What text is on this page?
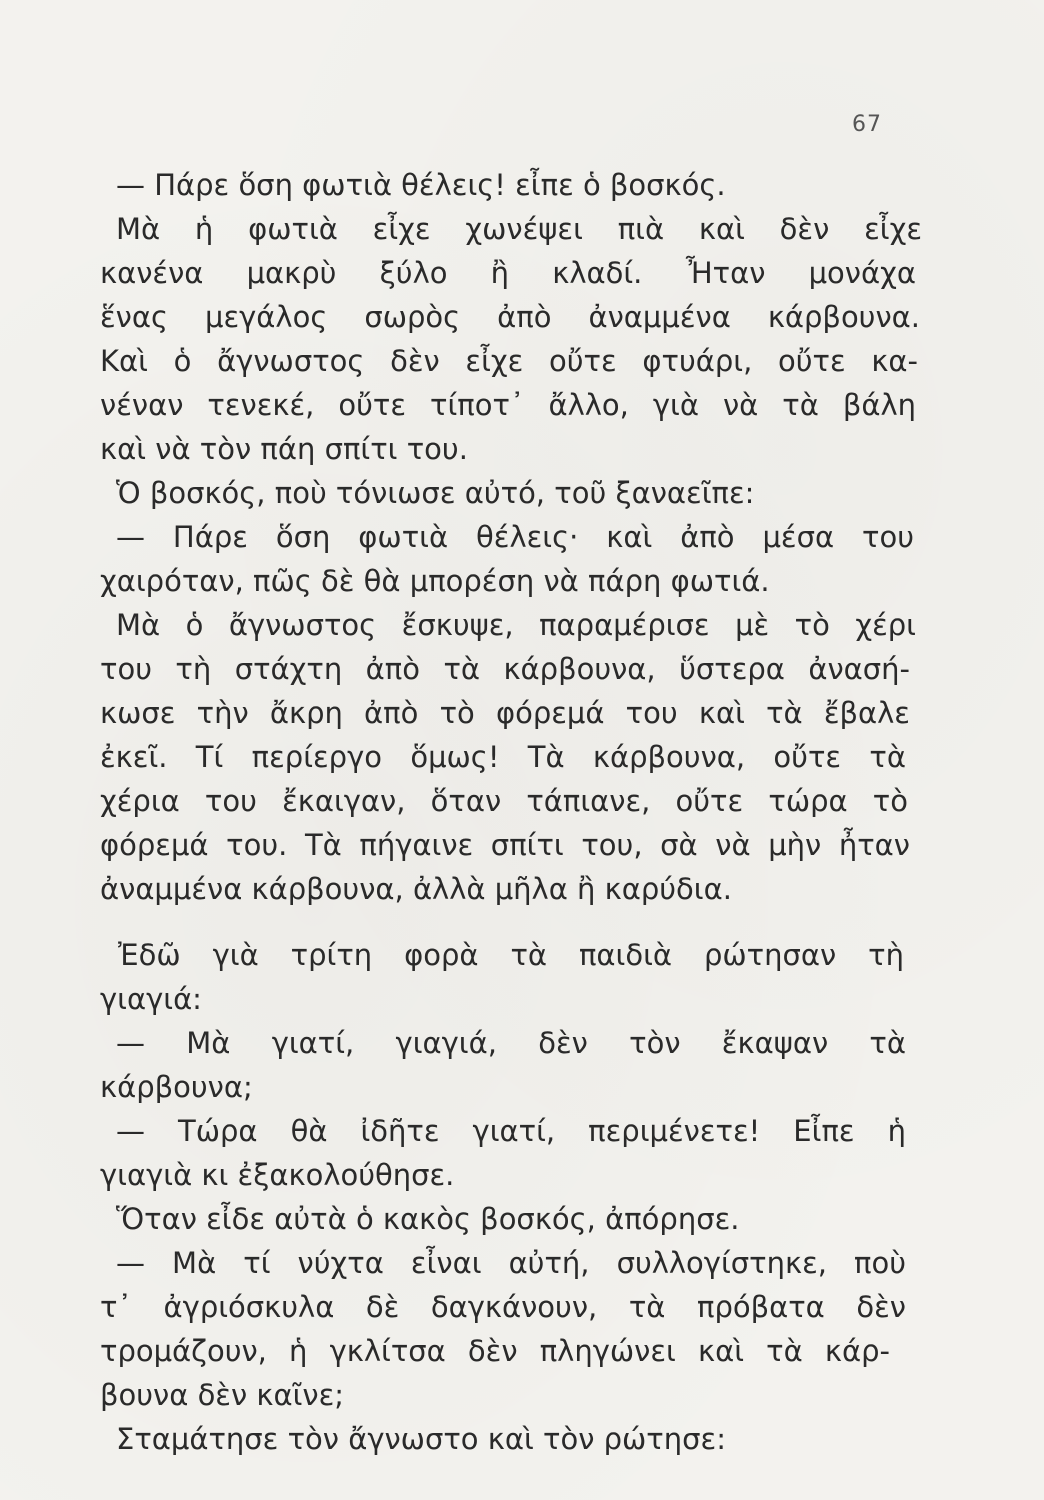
67
— Πάρε ὅση φωτιὰ θέλεις! εἶπε ὁ βοσκός.
Μὰ ἡ φωτιὰ εἶχε χωνέψει πιὰ καὶ δὲν εἶχε
κανένα μακρὺ ξύλο ἢ κλαδί. Ἦταν μονάχα
ἕνας μεγάλος σωρὸς ἀπὸ ἀναμμένα κάρβουνα.
Καὶ ὁ ἄγνωστος δὲν εἶχε οὔτε φτυάρι, οὔτε κα-
νέναν τενεκέ, οὔτε τίποτ᾽ ἄλλο, γιὰ νὰ τὰ βάλη
καὶ νὰ τὸν πάη σπίτι του.
Ὁ βοσκός, ποὺ τόνιωσε αὐτό, τοῦ ξαναεῖπε:
— Πάρε ὅση φωτιὰ θέλεις· καὶ ἀπὸ μέσα του
χαιρόταν, πῶς δὲ θὰ μπορέση νὰ πάρη φωτιά.
Μὰ ὁ ἄγνωστος ἔσκυψε, παραμέρισε μὲ τὸ χέρι
του τὴ στάχτη ἀπὸ τὰ κάρβουνα, ὕστερα ἀνασή-
κωσε τὴν ἄκρη ἀπὸ τὸ φόρεμά του καὶ τὰ ἔβαλε
ἐκεῖ. Τί περίεργο ὅμως! Τὰ κάρβουνα, οὔτε τὰ
χέρια του ἔκαιγαν, ὅταν τάπιανε, οὔτε τώρα τὸ
φόρεμά του. Τὰ πήγαινε σπίτι του, σὰ νὰ μὴν ἦταν
ἀναμμένα κάρβουνα, ἀλλὰ μῆλα ἢ καρύδια.
Ἐδῶ γιὰ τρίτη φορὰ τὰ παιδιὰ ρώτησαν τὴ
γιαγιά:
— Μὰ γιατί, γιαγιά, δὲν τὸν ἔκαψαν τὰ
κάρβουνα;
— Τώρα θὰ ἰδῆτε γιατί, περιμένετε! Εἶπε ἡ
γιαγιὰ κι ἐξακολούθησε.
Ὅταν εἶδε αὐτὰ ὁ κακὸς βοσκός, ἀπόρησε.
— Μὰ τί νύχτα εἶναι αὐτή, συλλογίστηκε, ποὺ
τ᾽ ἀγριόσκυλα δὲ δαγκάνουν, τὰ πρόβατα δὲν
τρομάζουν, ἡ γκλίτσα δὲν πληγώνει καὶ τὰ κάρ-
βουνα δὲν καῖνε;
Σταμάτησε τὸν ἄγνωστο καὶ τὸν ρώτησε:
